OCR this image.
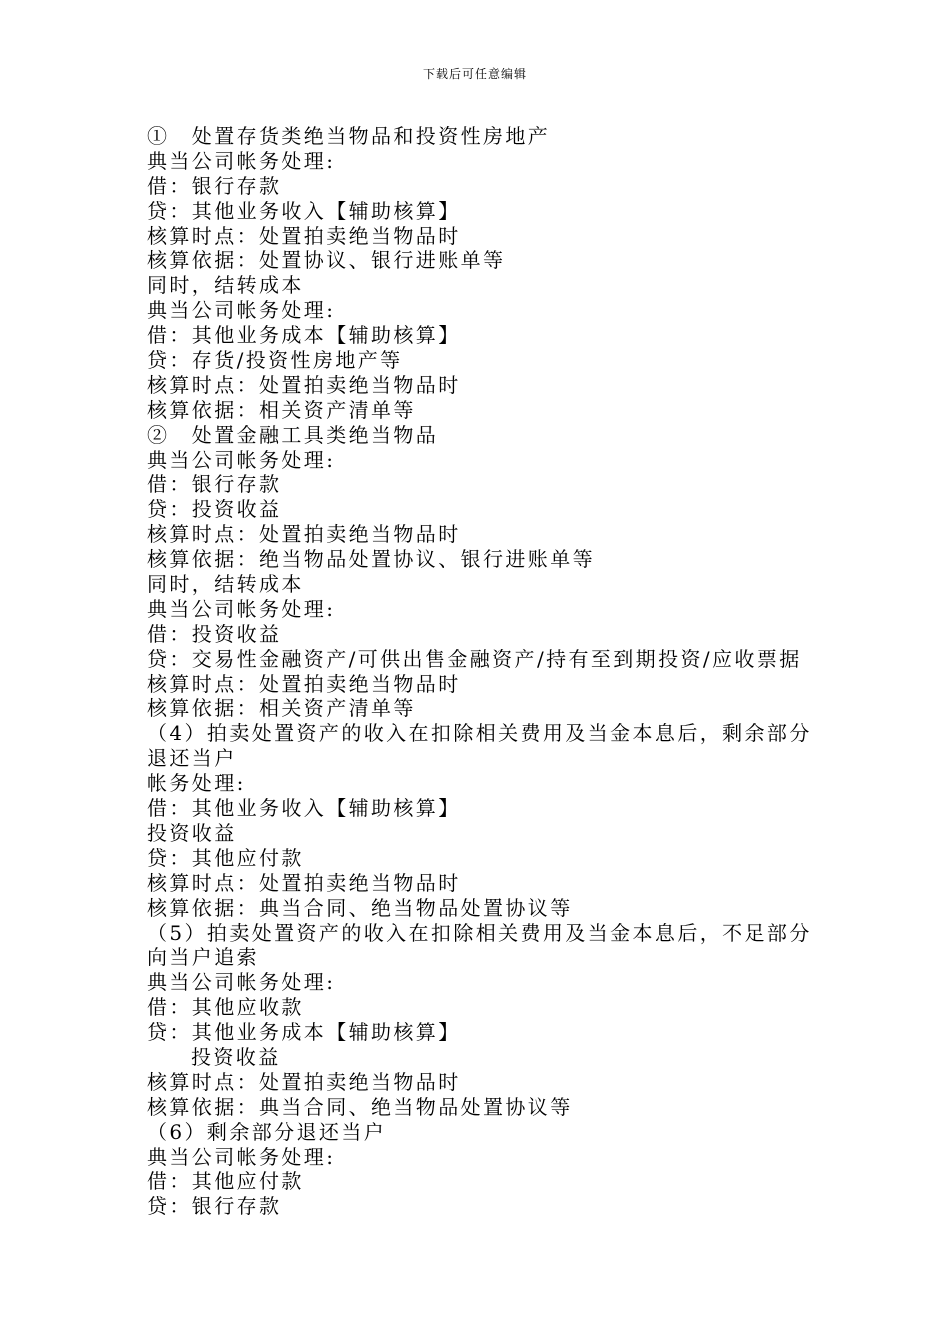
下载后可任意编辑
①　处置存货类绝当物品和投资性房地产
典当公司帐务处理:
借：银行存款
贷：其他业务收入【辅助核算】
核算时点：处置拍卖绝当物品时
核算依据：处置协议、银行进账单等
同时，结转成本
典当公司帐务处理:
借：其他业务成本【辅助核算】
贷：存货/投资性房地产等
核算时点：处置拍卖绝当物品时
核算依据：相关资产清单等
②　处置金融工具类绝当物品
典当公司帐务处理:
借：银行存款
贷：投资收益
核算时点：处置拍卖绝当物品时
核算依据：绝当物品处置协议、银行进账单等
同时，结转成本
典当公司帐务处理:
借：投资收益
贷：交易性金融资产/可供出售金融资产/持有至到期投资/应收票据
核算时点：处置拍卖绝当物品时
核算依据：相关资产清单等
（4）拍卖处置资产的收入在扣除相关费用及当金本息后，剩余部分
退还当户
帐务处理:
借：其他业务收入【辅助核算】
投资收益
贷：其他应付款
核算时点：处置拍卖绝当物品时
核算依据：典当合同、绝当物品处置协议等
（5）拍卖处置资产的收入在扣除相关费用及当金本息后，不足部分
向当户追索
典当公司帐务处理:
借：其他应收款
贷：其他业务成本【辅助核算】
投资收益
核算时点：处置拍卖绝当物品时
核算依据：典当合同、绝当物品处置协议等
（6）剩余部分退还当户
典当公司帐务处理:
借：其他应付款
贷：银行存款
